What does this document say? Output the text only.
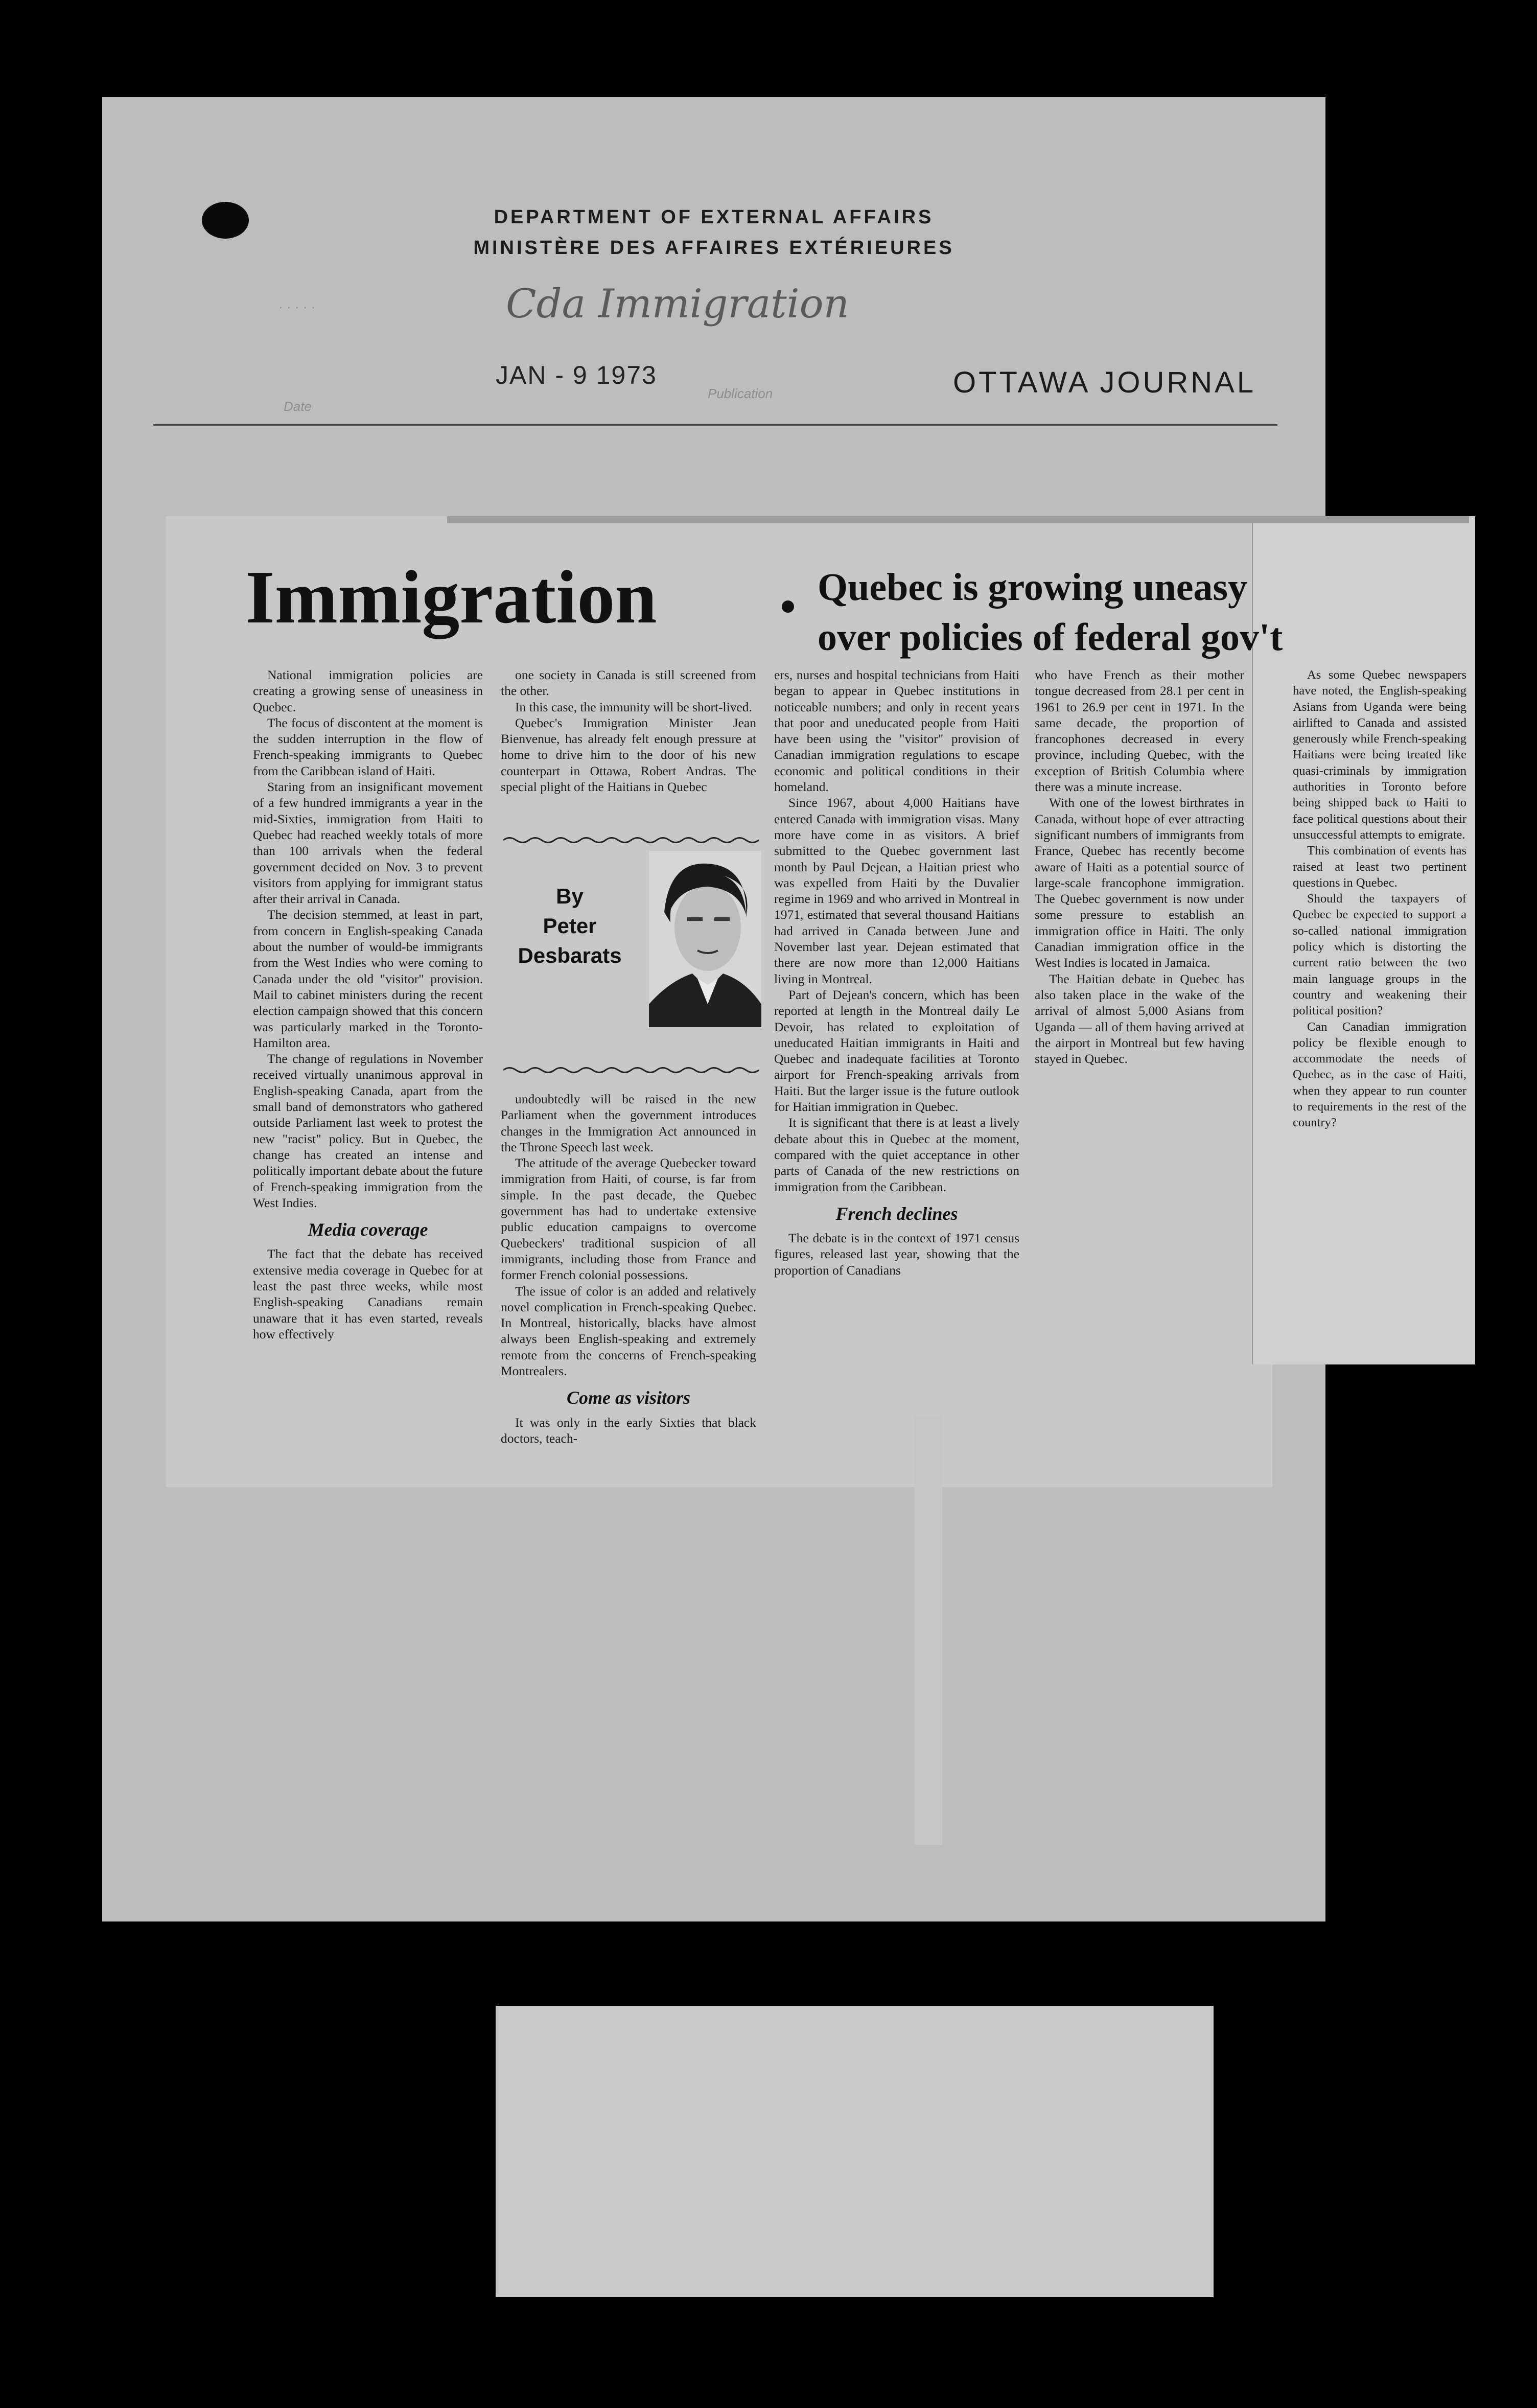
DEPARTMENT OF EXTERNAL AFFAIRS
MINISTÈRE DES AFFAIRES EXTÉRIEURES
· · · · ·	Cda Immigration
JAN - 9 1973
Date
Publication	OTTAWA JOURNAL
Immigration	Quebec is growing uneasy
over policies of federal gov't

National immigration policies are creating a growing sense of uneasiness in Quebec.

The focus of discontent at the moment is the sudden interruption in the flow of French-speaking immigrants to Quebec from the Caribbean island of Haiti.

Staring from an insignificant movement of a few hundred immigrants a year in the mid-Sixties, immigration from Haiti to Quebec had reached weekly totals of more than 100 arrivals when the federal government decided on Nov. 3 to prevent visitors from applying for immigrant status after their arrival in Canada.

The decision stemmed, at least in part, from concern in English-speaking Canada about the number of would-be immigrants from the West Indies who were coming to Canada under the old "visitor" provision. Mail to cabinet ministers during the recent election campaign showed that this concern was particularly marked in the Toronto-Hamilton area.

The change of regulations in November received virtually unanimous approval in English-speaking Canada, apart from the small band of demonstrators who gathered outside Parliament last week to protest the new "racist" policy. But in Quebec, the change has created an intense and politically important debate about the future of French-speaking immigration from the West Indies.

Media coverage

The fact that the debate has received extensive media coverage in Quebec for at least the past three weeks, while most English-speaking Canadians remain unaware that it has even started, reveals how effectively

one society in Canada is still screened from the other.

In this case, the immunity will be short-lived.

Quebec's Immigration Minister Jean Bienvenue, has already felt enough pressure at home to drive him to the door of his new counterpart in Ottawa, Robert Andras. The special plight of the Haitians in Quebec

By
Peter
Desbarats

undoubtedly will be raised in the new Parliament when the government introduces changes in the Immigration Act announced in the Throne Speech last week.

The attitude of the average Quebecker toward immigration from Haiti, of course, is far from simple. In the past decade, the Quebec government has had to undertake extensive public education campaigns to overcome Quebeckers' traditional suspicion of all immigrants, including those from France and former French colonial possessions.

The issue of color is an added and relatively novel complication in French-speaking Quebec. In Montreal, historically, blacks have almost always been English-speaking and extremely remote from the concerns of French-speaking Montrealers.

Come as visitors

It was only in the early Sixties that black doctors, teach-

ers, nurses and hospital technicians from Haiti began to appear in Quebec institutions in noticeable numbers; and only in recent years that poor and uneducated people from Haiti have been using the "visitor" provision of Canadian immigration regulations to escape economic and political conditions in their homeland.

Since 1967, about 4,000 Haitians have entered Canada with immigration visas. Many more have come in as visitors. A brief submitted to the Quebec government last month by Paul Dejean, a Haitian priest who was expelled from Haiti by the Duvalier regime in 1969 and who arrived in Montreal in 1971, estimated that several thousand Haitians had arrived in Canada between June and November last year. Dejean estimated that there are now more than 12,000 Haitians living in Montreal.

Part of Dejean's concern, which has been reported at length in the Montreal daily Le Devoir, has related to exploitation of uneducated Haitian immigrants in Haiti and Quebec and inadequate facilities at Toronto airport for French-speaking arrivals from Haiti. But the larger issue is the future outlook for Haitian immigration in Quebec.

It is significant that there is at least a lively debate about this in Quebec at the moment, compared with the quiet acceptance in other parts of Canada of the new restrictions on immigration from the Caribbean.

French declines

The debate is in the context of 1971 census figures, released last year, showing that the proportion of Canadians

who have French as their mother tongue decreased from 28.1 per cent in 1961 to 26.9 per cent in 1971. In the same decade, the proportion of francophones decreased in every province, including Quebec, with the exception of British Columbia where there was a minute increase.

With one of the lowest birthrates in Canada, without hope of ever attracting significant numbers of immigrants from France, Quebec has recently become aware of Haiti as a potential source of large-scale francophone immigration. The Quebec government is now under some pressure to establish an immigration office in Haiti. The only Canadian immigration office in the West Indies is located in Jamaica.

The Haitian debate in Quebec has also taken place in the wake of the arrival of almost 5,000 Asians from Uganda — all of them having arrived at the airport in Montreal but few having stayed in Quebec.

As some Quebec newspapers have noted, the English-speaking Asians from Uganda were being airlifted to Canada and assisted generously while French-speaking Haitians were being treated like quasi-criminals by immigration authorities in Toronto before being shipped back to Haiti to face political questions about their unsuccessful attempts to emigrate.

This combination of events has raised at least two pertinent questions in Quebec.

Should the taxpayers of Quebec be expected to support a so-called national immigration policy which is distorting the current ratio between the two main language groups in the country and weakening their political position?

Can Canadian immigration policy be flexible enough to accommodate the needs of Quebec, as in the case of Haiti, when they appear to run counter to requirements in the rest of the country?
